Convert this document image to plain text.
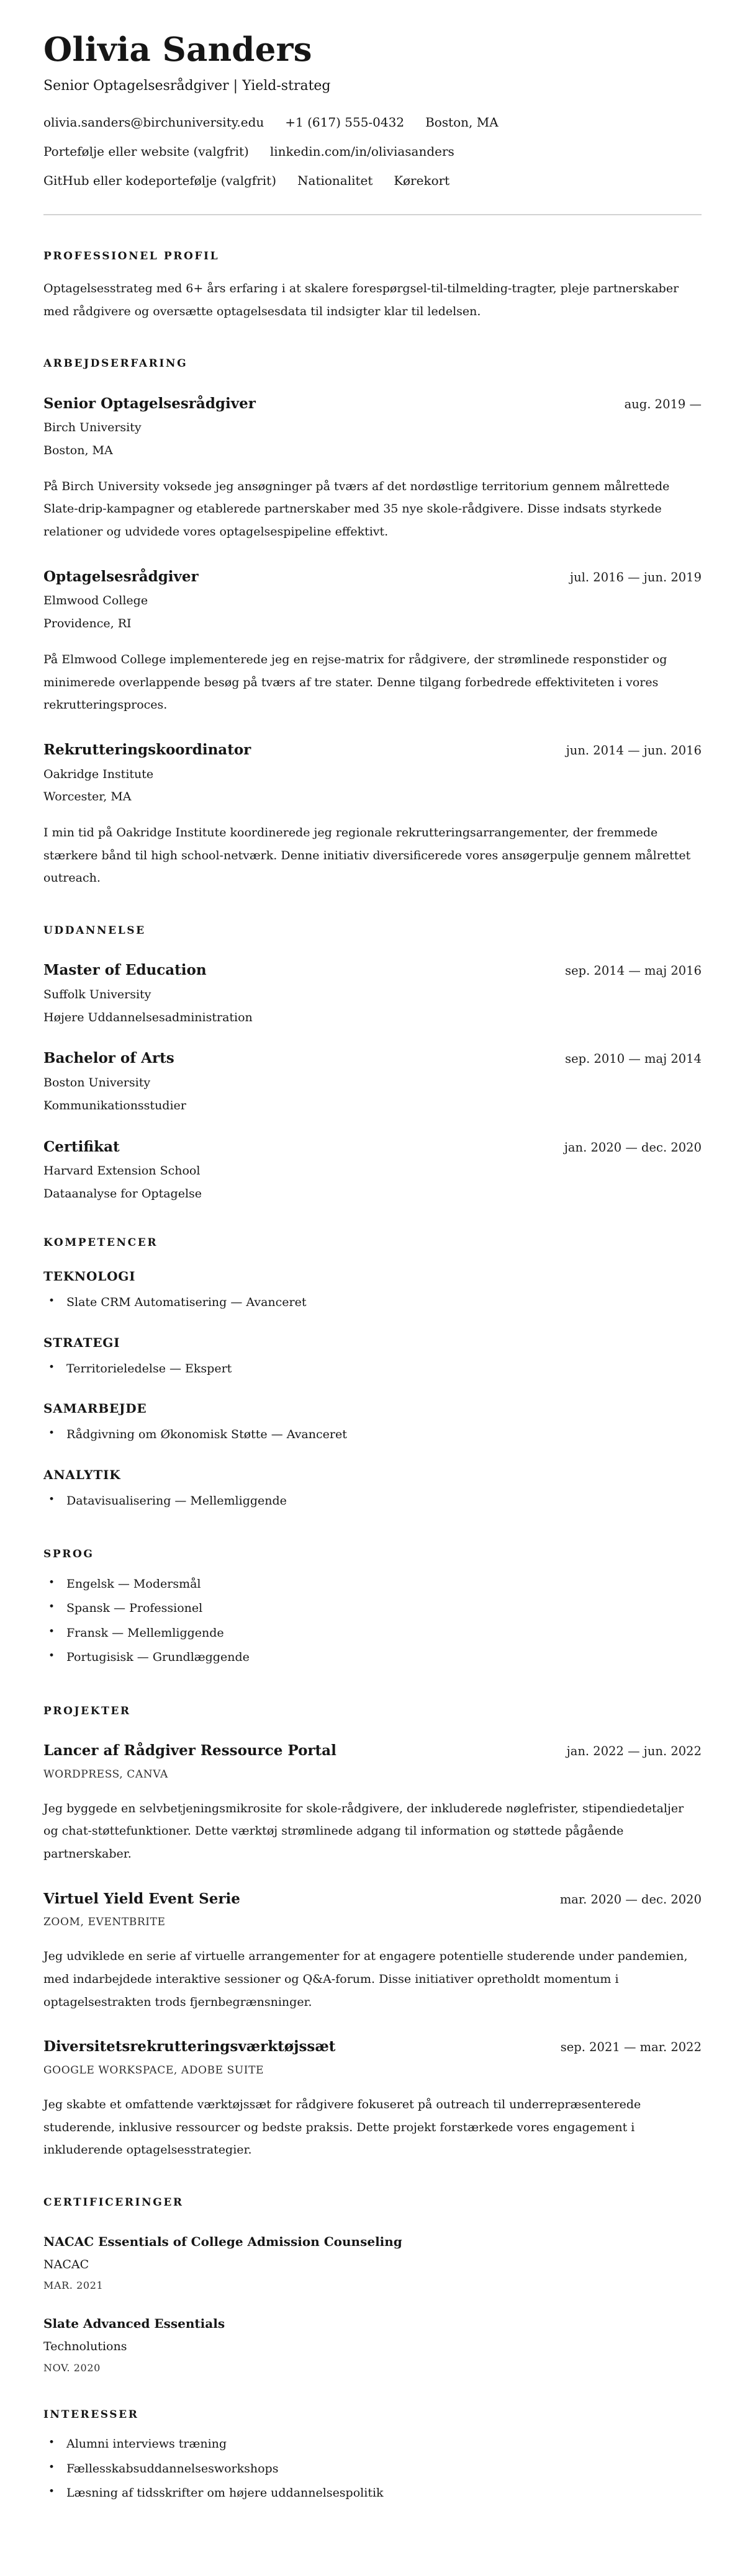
Olivia Sanders

Senior Optagelsesrådgiver | Yield-strateg

olivia.sanders@birchuniversity.edu +1 (617) 555-0432 Boston, MA
Portefølje eller website (valgfrit) linkedin.com/in/oliviasanders
GitHub eller kodeportefølje (valgfrit) Nationalitet Kørekort
PROFESSIONEL PROFIL

Optagelsesstrateg med 6+ års erfaring i at skalere forespørgsel-til-tilmelding-tragter, pleje partnerskaber med rådgivere og oversætte optagelsesdata til indsigter klar til ledelsen.

ARBEJDSERFARING
Senior Optagelsesrådgiver	aug. 2019 —
Birch University
Boston, MA

På Birch University voksede jeg ansøgninger på tværs af det nordøstlige territorium gennem målrettede Slate-drip-kampagner og etablerede partnerskaber med 35 nye skole-rådgivere. Disse indsats styrkede relationer og udvidede vores optagelsespipeline effektivt.

Optagelsesrådgiver	jul. 2016 — jun. 2019
Elmwood College
Providence, RI

På Elmwood College implementerede jeg en rejse-matrix for rådgivere, der strømlinede responstider og minimerede overlappende besøg på tværs af tre stater. Denne tilgang forbedrede effektiviteten i vores rekrutteringsproces.

Rekrutteringskoordinator	jun. 2014 — jun. 2016
Oakridge Institute
Worcester, MA

I min tid på Oakridge Institute koordinerede jeg regionale rekrutteringsarrangementer, der fremmede stærkere bånd til high school-netværk. Denne initiativ diversificerede vores ansøgerpulje gennem målrettet outreach.

UDDANNELSE
Master of Education	sep. 2014 — maj 2016
Suffolk University
Højere Uddannelsesadministration
Bachelor of Arts	sep. 2010 — maj 2014
Boston University
Kommunikationsstudier
Certifikat	jan. 2020 — dec. 2020
Harvard Extension School
Dataanalyse for Optagelse
KOMPETENCER
TEKNOLOGI
• Slate CRM Automatisering — Avanceret
STRATEGI
• Territorieledelse — Ekspert
SAMARBEJDE
• Rådgivning om Økonomisk Støtte — Avanceret
ANALYTIK
• Datavisualisering — Mellemliggende
SPROG
• Engelsk — Modersmål
• Spansk — Professionel
• Fransk — Mellemliggende
• Portugisisk — Grundlæggende
PROJEKTER
Lancer af Rådgiver Ressource Portal	jan. 2022 — jun. 2022
WORDPRESS, CANVA

Jeg byggede en selvbetjeningsmikrosite for skole-rådgivere, der inkluderede nøglefrister, stipendiedetaljer og chat-støttefunktioner. Dette værktøj strømlinede adgang til information og støttede pågående partnerskaber.

Virtuel Yield Event Serie	mar. 2020 — dec. 2020
ZOOM, EVENTBRITE

Jeg udviklede en serie af virtuelle arrangementer for at engagere potentielle studerende under pandemien, med indarbejdede interaktive sessioner og Q&A-forum. Disse initiativer opretholdt momentum i optagelsestrakten trods fjernbegrænsninger.

Diversitetsrekrutteringsværktøjssæt	sep. 2021 — mar. 2022
GOOGLE WORKSPACE, ADOBE SUITE

Jeg skabte et omfattende værktøjssæt for rådgivere fokuseret på outreach til underrepræsenterede studerende, inklusive ressourcer og bedste praksis. Dette projekt forstærkede vores engagement i inkluderende optagelsesstrategier.

CERTIFICERINGER
NACAC Essentials of College Admission Counseling
NACAC
MAR. 2021
Slate Advanced Essentials
Technolutions
NOV. 2020
INTERESSER
• Alumni interviews træning
• Fællesskabsuddannelsesworkshops
• Læsning af tidsskrifter om højere uddannelsespolitik
